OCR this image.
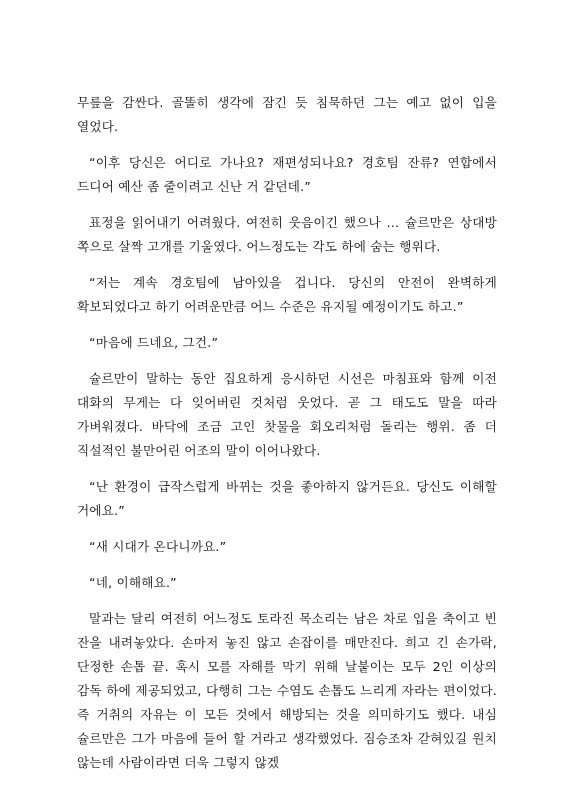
무릎을 감싼다. 골똘히 생각에 잠긴 듯 침묵하던 그는 예고 없이 입을 열었다.

“이후 당신은 어디로 가나요? 재편성되나요? 경호팀 잔류? 연합에서 드디어 예산 좀 줄이려고 신난 거 같던데.”

표정을 읽어내기 어려웠다. 여전히 웃음이긴 했으나 … 슐르만은 상대방 쪽으로 살짝 고개를 기울였다. 어느정도는 각도 하에 숨는 행위다.

“저는 계속 경호팀에 남아있을 겁니다. 당신의 안전이 완벽하게 확보되었다고 하기 어려운만큼 어느 수준은 유지될 예정이기도 하고.”

“마음에 드네요, 그건.”

슐르만이 말하는 동안 집요하게 응시하던 시선은 마침표와 함께 이전 대화의 무게는 다 잊어버린 것처럼 웃었다. 곧 그 태도도 말을 따라 가벼워졌다. 바닥에 조금 고인 찻물을 회오리처럼 돌리는 행위. 좀 더 직설적인 불만어린 어조의 말이 이어나왔다.

“난 환경이 급작스럽게 바뀌는 것을 좋아하지 않거든요. 당신도 이해할 거에요.”

“새 시대가 온다니까요.”

“네, 이해해요.”

말과는 달리 여전히 어느정도 토라진 목소리는 남은 차로 입을 축이고 빈 잔을 내려놓았다. 손마저 놓진 않고 손잡이를 매만진다. 희고 긴 손가락, 단정한 손톱 끝. 혹시 모를 자해를 막기 위해 날붙이는 모두 2인 이상의 감독 하에 제공되었고, 다행히 그는 수염도 손톱도 느리게 자라는 편이었다. 즉 거취의 자유는 이 모든 것에서 해방되는 것을 의미하기도 했다. 내심 슐르만은 그가 마음에 들어 할 거라고 생각했었다. 짐승조차 갇혀있길 원치 않는데 사람이라면 더욱 그렇지 않겠
